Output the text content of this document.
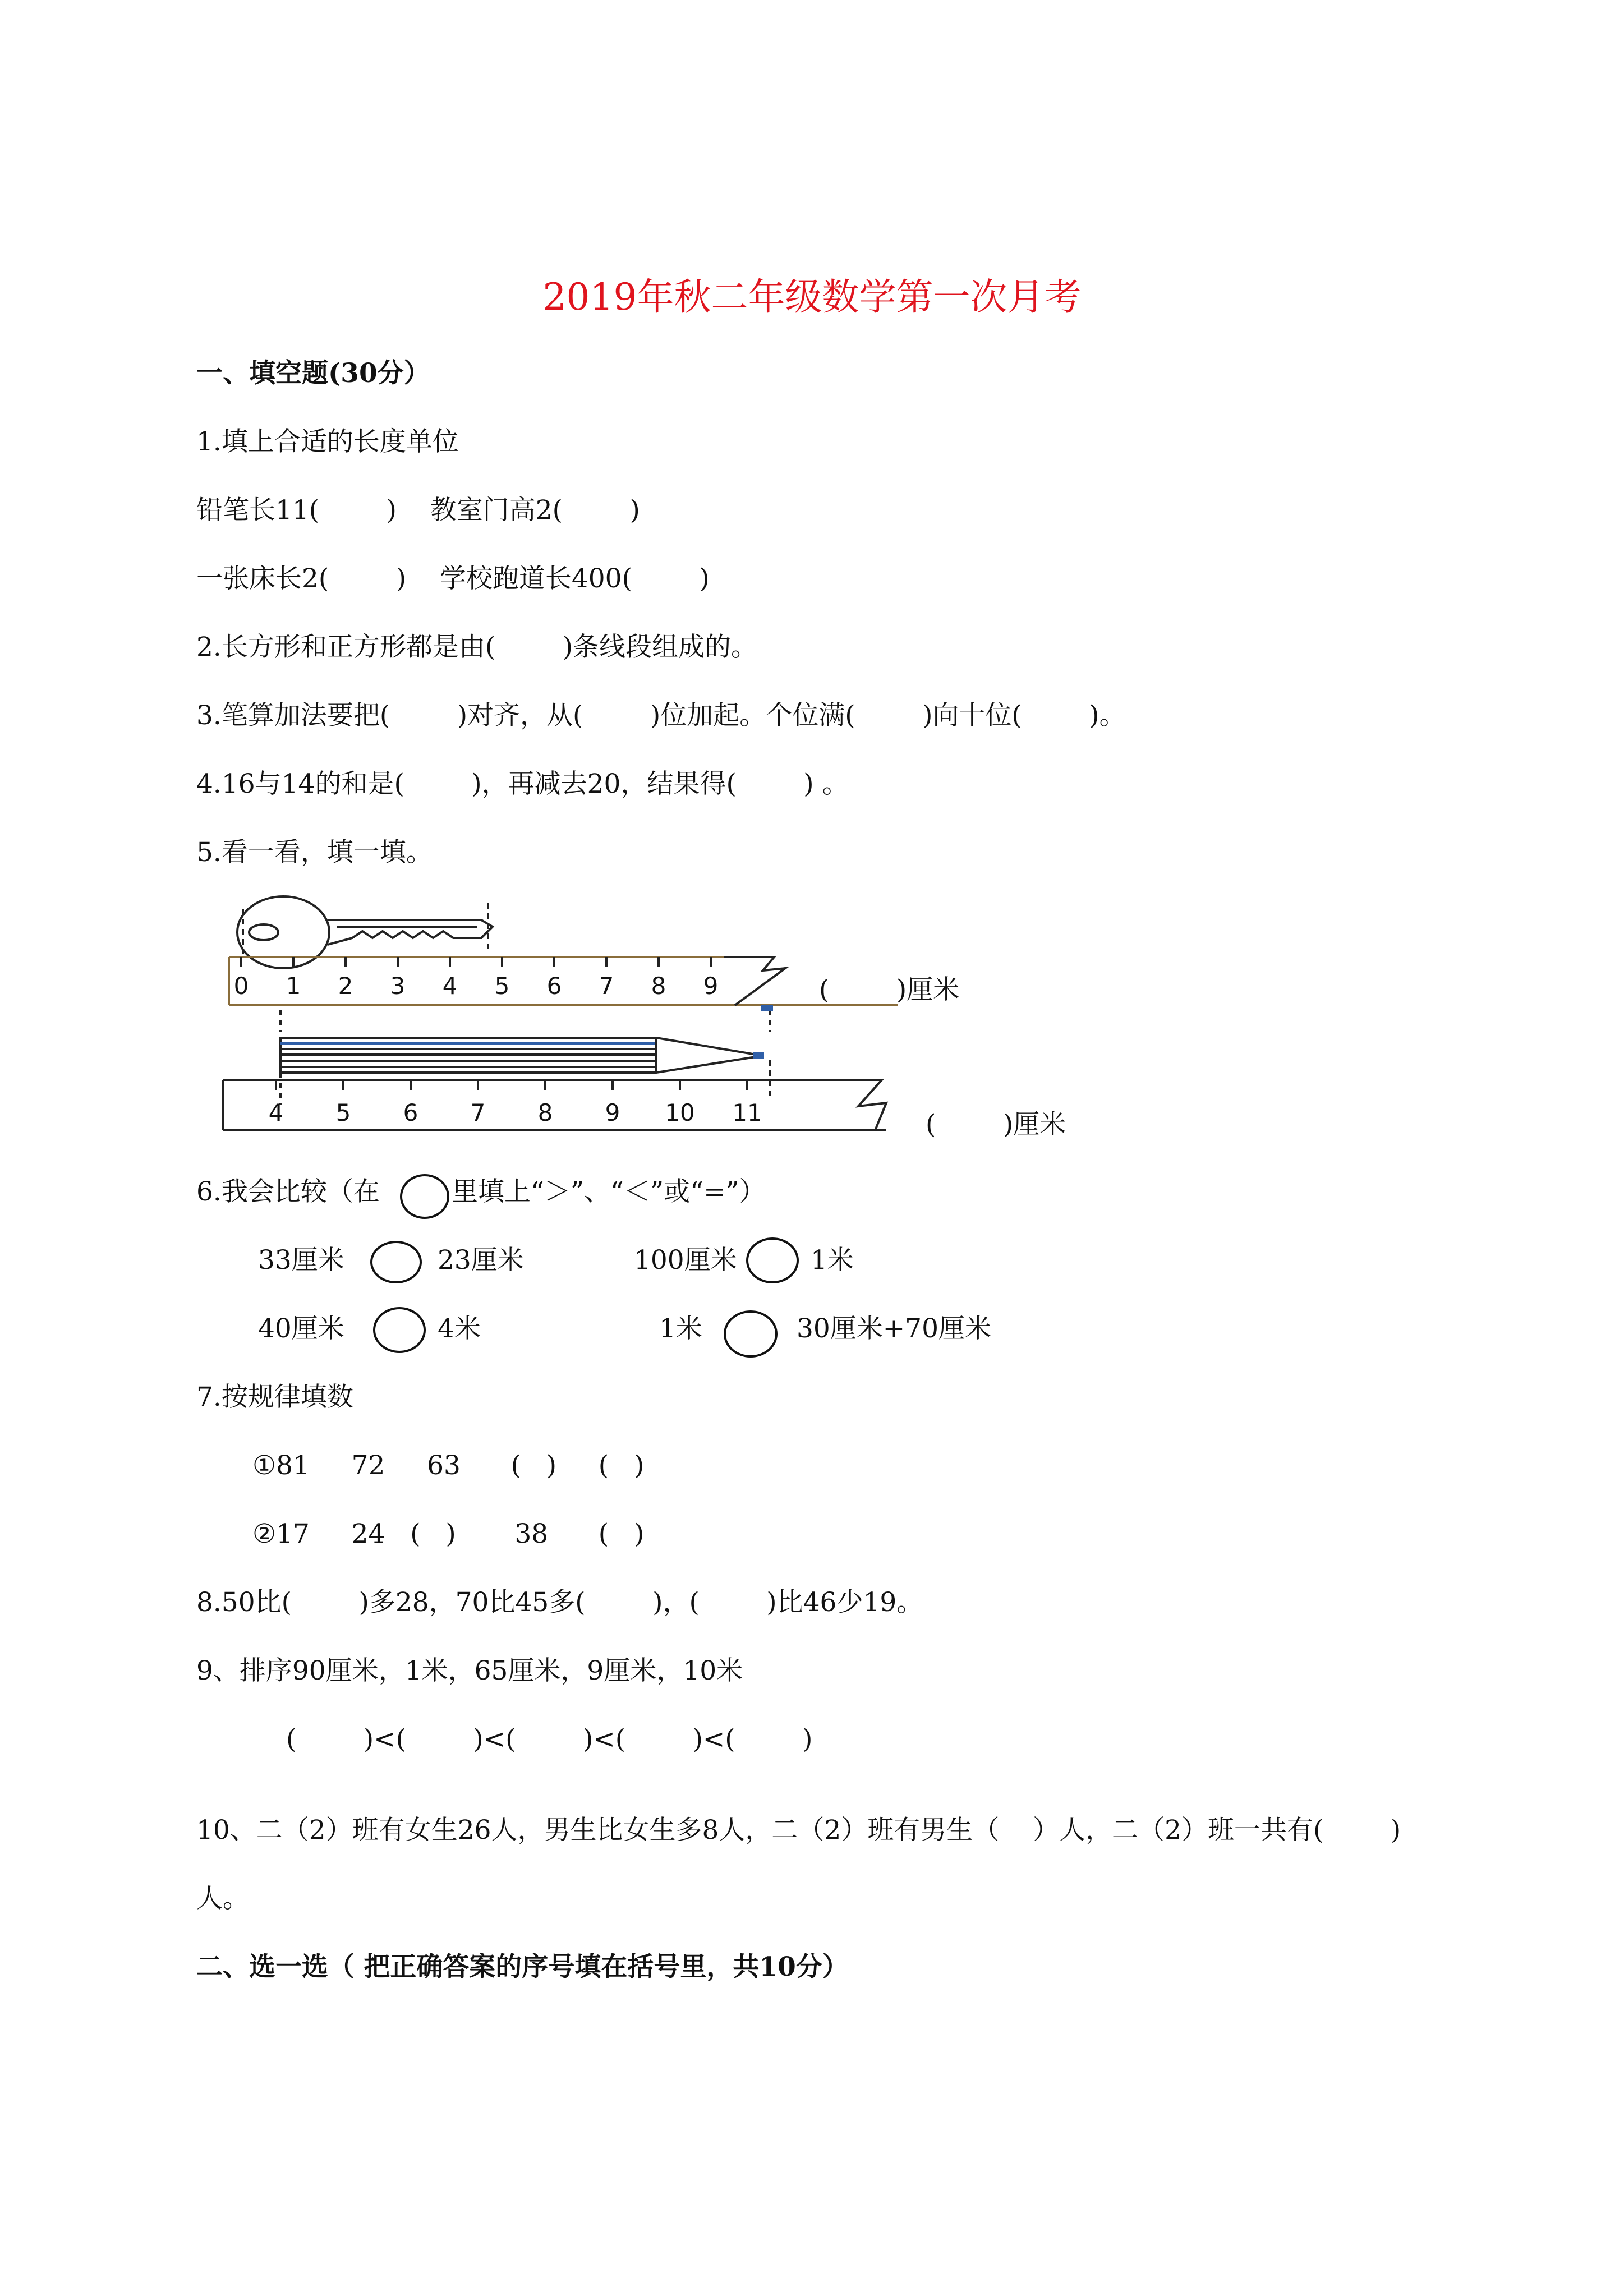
2019年秋二年级数学第一次月考
一、填空题(30分）
1.填上合适的长度单位
铅笔长11(        )    教室门高2(        )
一张床长2(        )    学校跑道长400(        )
2.长方形和正方形都是由(        )条线段组成的。
3.笔算加法要把(        )对齐，从(        )位加起。个位满(        )向十位(        )。
4.16与14的和是(        )，再减去20，结果得(        ) 。
5.看一看，填一填。
0 1 2 3 4 5 6 7 8 9
4 5 6 7 8 9 10 11
(        )厘米
(        )厘米
6.我会比较（在	里填上“＞”、“＜”或“=”）
33厘米	23厘米	100厘米	1米
40厘米	4米	1米	30厘米+70厘米
7.按规律填数
①81     72     63      (   )     (   )
②17     24   (   )       38      (   )
8.50比(        )多28，70比45多(        )，(        )比46少19。
9、排序90厘米，1米，65厘米，9厘米，10米
(        )<(        )<(        )<(        )<(        )
10、二（2）班有女生26人，男生比女生多8人，二（2）班有男生（    ）人，二（2）班一共有(        )
人。
二、选一选（ 把正确答案的序号填在括号里，共10分）
